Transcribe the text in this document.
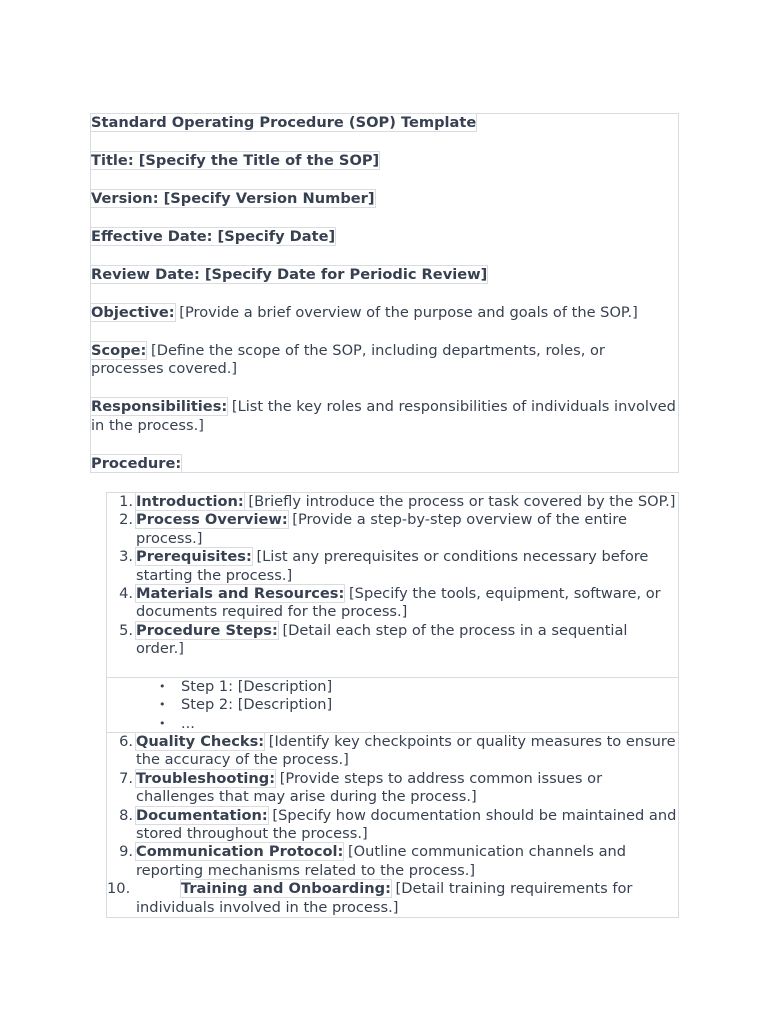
Standard Operating Procedure (SOP) Template

Title: [Specify the Title of the SOP]

Version: [Specify Version Number]

Effective Date: [Specify Date]

Review Date: [Specify Date for Periodic Review]

Objective: [Provide a brief overview of the purpose and goals of the SOP.]

Scope: [Define the scope of the SOP, including departments, roles, or processes covered.]

Responsibilities: [List the key roles and responsibilities of individuals involved in the process.]

Procedure:

1. Introduction: [Briefly introduce the process or task covered by the SOP.]
2. Process Overview: [Provide a step-by-step overview of the entire process.]
3. Prerequisites: [List any prerequisites or conditions necessary before starting the process.]
4. Materials and Resources: [Specify the tools, equipment, software, or documents required for the process.]
5. Procedure Steps: [Detail each step of the process in a sequential order.]
• Step 1: [Description]
• Step 2: [Description]
• ...
6. Quality Checks: [Identify key checkpoints or quality measures to ensure the accuracy of the process.]
7. Troubleshooting: [Provide steps to address common issues or challenges that may arise during the process.]
8. Documentation: [Specify how documentation should be maintained and stored throughout the process.]
9. Communication Protocol: [Outline communication channels and reporting mechanisms related to the process.]
10.	Training and Onboarding: [Detail training requirements for individuals involved in the process.]
